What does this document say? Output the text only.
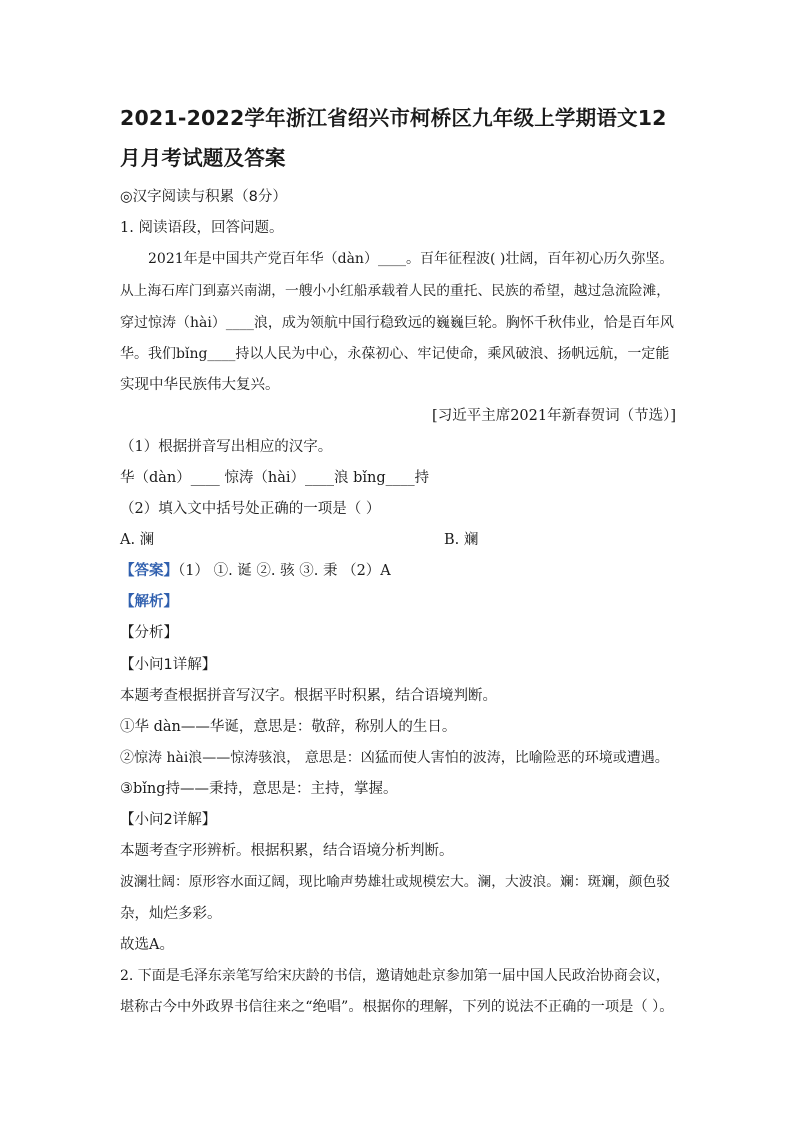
2021-2022学年浙江省绍兴市柯桥区九年级上学期语文12
月月考试题及答案
◎汉字阅读与积累（8分）
1. 阅读语段，回答问题。
2021年是中国共产党百年华（dàn）____。百年征程波( )壮阔，百年初心历久弥坚。
从上海石库门到嘉兴南湖，一艘小小红船承载着人民的重托、民族的希望，越过急流险滩，
穿过惊涛（hài）____浪，成为领航中国行稳致远的巍巍巨轮。胸怀千秋伟业，恰是百年风
华。我们bǐng____持以人民为中心，永葆初心、牢记使命，乘风破浪、扬帆远航，一定能
实现中华民族伟大复兴。
[习近平主席2021年新春贺词（节选）]
（1）根据拼音写出相应的汉字。
华（dàn）____ 惊涛（hài）____浪 bǐng____持
（2）填入文中括号处正确的一项是（ ）
A. 澜	B. 斓
【答案】（1） ①. 诞 ②. 骇 ③. 秉 （2）A
【解析】
【分析】
【小问1详解】
本题考查根据拼音写汉字。根据平时积累，结合语境判断。
①华 dàn——华诞，意思是：敬辞，称别人的生日。
②惊涛 hài浪——惊涛骇浪， 意思是：凶猛而使人害怕的波涛，比喻险恶的环境或遭遇。
③bǐng持——秉持，意思是：主持，掌握。
【小问2详解】
本题考查字形辨析。根据积累，结合语境分析判断。
波澜壮阔：原形容水面辽阔，现比喻声势雄壮或规模宏大。澜，大波浪。斓：斑斓，颜色驳
杂，灿烂多彩。
故选A。
2. 下面是毛泽东亲笔写给宋庆龄的书信，邀请她赴京参加第一届中国人民政治协商会议，
堪称古今中外政界书信往来之“绝唱”。根据你的理解，下列的说法不正确的一项是（ ）。
